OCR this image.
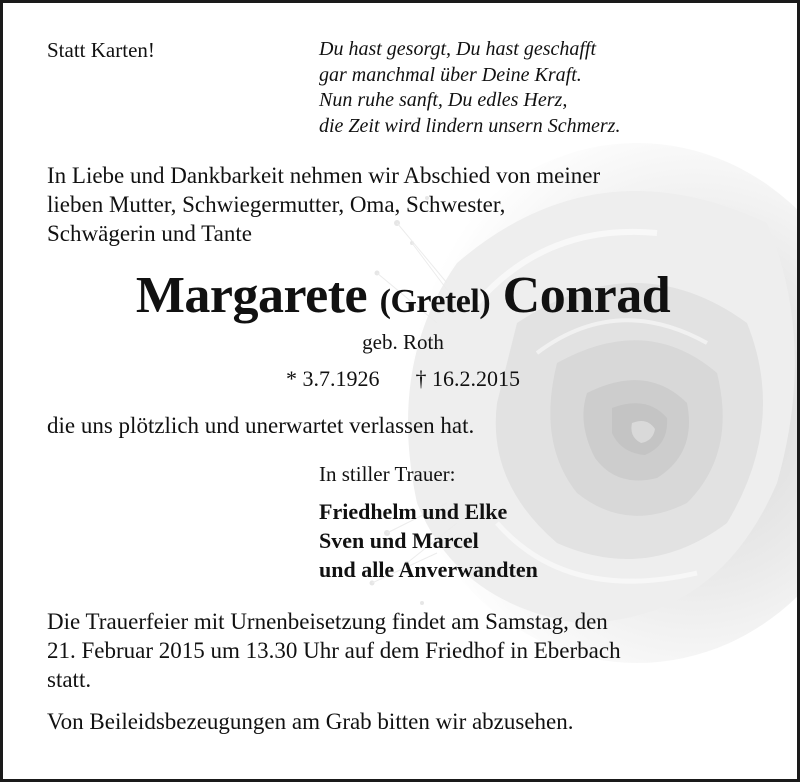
Statt Karten!	Du hast gesorgt, Du hast geschafft
gar manchmal über Deine Kraft.
Nun ruhe sanft, Du edles Herz,
die Zeit wird lindern unsern Schmerz.
In Liebe und Dankbarkeit nehmen wir Abschied von meiner
lieben Mutter, Schwiegermutter, Oma, Schwester,
Schwägerin und Tante
Margarete (Gretel) Conrad
geb. Roth
* 3.7.1926 † 16.2.2015

die uns plötzlich und unerwartet verlassen hat.

In stiller Trauer:

Friedhelm und Elke
Sven und Marcel
und alle Anverwandten
Die Trauerfeier mit Urnenbeisetzung findet am Samstag, den
21. Februar 2015 um 13.30 Uhr auf dem Friedhof in Eberbach
statt.

Von Beileidsbezeugungen am Grab bitten wir abzusehen.
